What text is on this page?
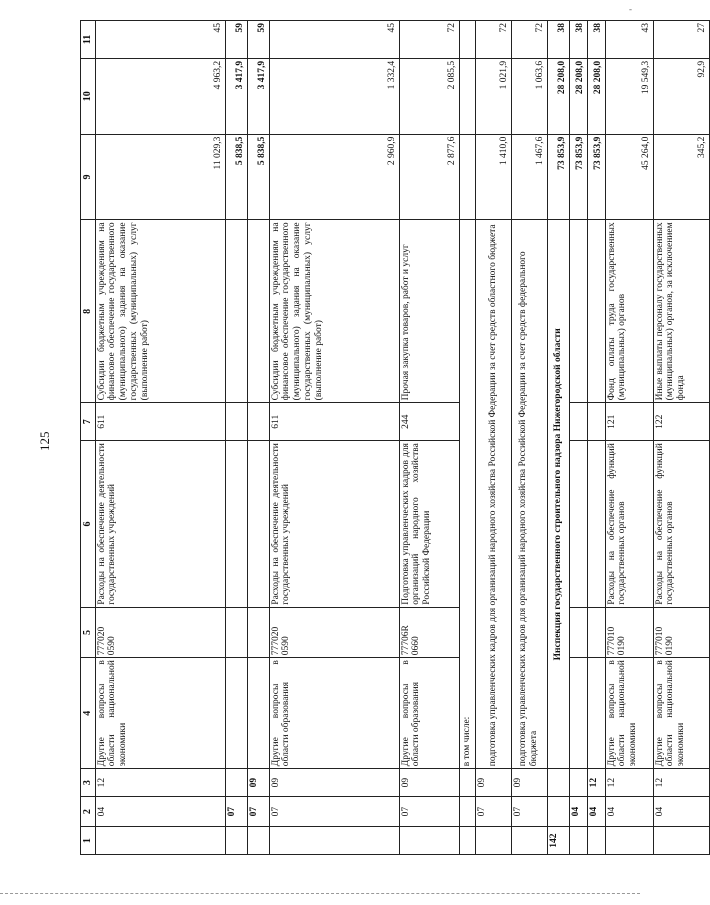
-
125
1	2	3	4	5	6	7	8	9	10	11
	04	12	Другие вопросы в области национальной экономики	777020 0590	Расходы на обеспечение деятельности государственных учреждений	611	Субсидии бюджетным учреждениям на финансовое обеспечение государственного (муниципального) задания на оказание государственных (муниципальных) услуг (выполнение работ)	11 029,3	4 963,2	45
	07							5 838,5	3 417,9	59
	07	09						5 838,5	3 417,9	59
	07	09	Другие вопросы в области образования	777020 0590	Расходы на обеспечение деятельности государственных учреждений	611	Субсидии бюджетным учреждениям на финансовое обеспечение государственного (муниципального) задания на оказание государственных (муниципальных) услуг (выполнение работ)	2 960,9	1 332,4	45
	07	09	Другие вопросы в области образования	77706R 0660	Подготовка управленческих кадров для организаций народного хозяйства Российской Федерации	244	Прочая закупка товаров, работ и услуг	2 877,6	2 085,5	72
			в том числе:							
	07	09	подготовка управленческих кадров для организаций народного хозяйства Российской Федерации за счет средств областного бюджета					1 410,0	1 021,9	72
	07	09	подготовка управленческих кадров для организаций народного хозяйства Российской Федерации за счет средств федерального бюджета					1 467,6	1 063,6	72
142			Инспекция государственного строительного надзора Нижегородской области					73 853,9	28 208,0	38
	04							73 853,9	28 208,0	38
	04	12						73 853,9	28 208,0	38
	04	12	Другие вопросы в области национальной экономики	777010 0190	Расходы на обеспечение функций государственных органов	121	Фонд оплаты труда государственных (муниципальных) органов	45 264,0	19 549,3	43
	04	12	Другие вопросы в области национальной экономики	777010 0190	Расходы на обеспечение функций государственных органов	122	Иные выплаты персоналу государственных (муниципальных) органов, за исключением фонда	345,2	92,9	27
